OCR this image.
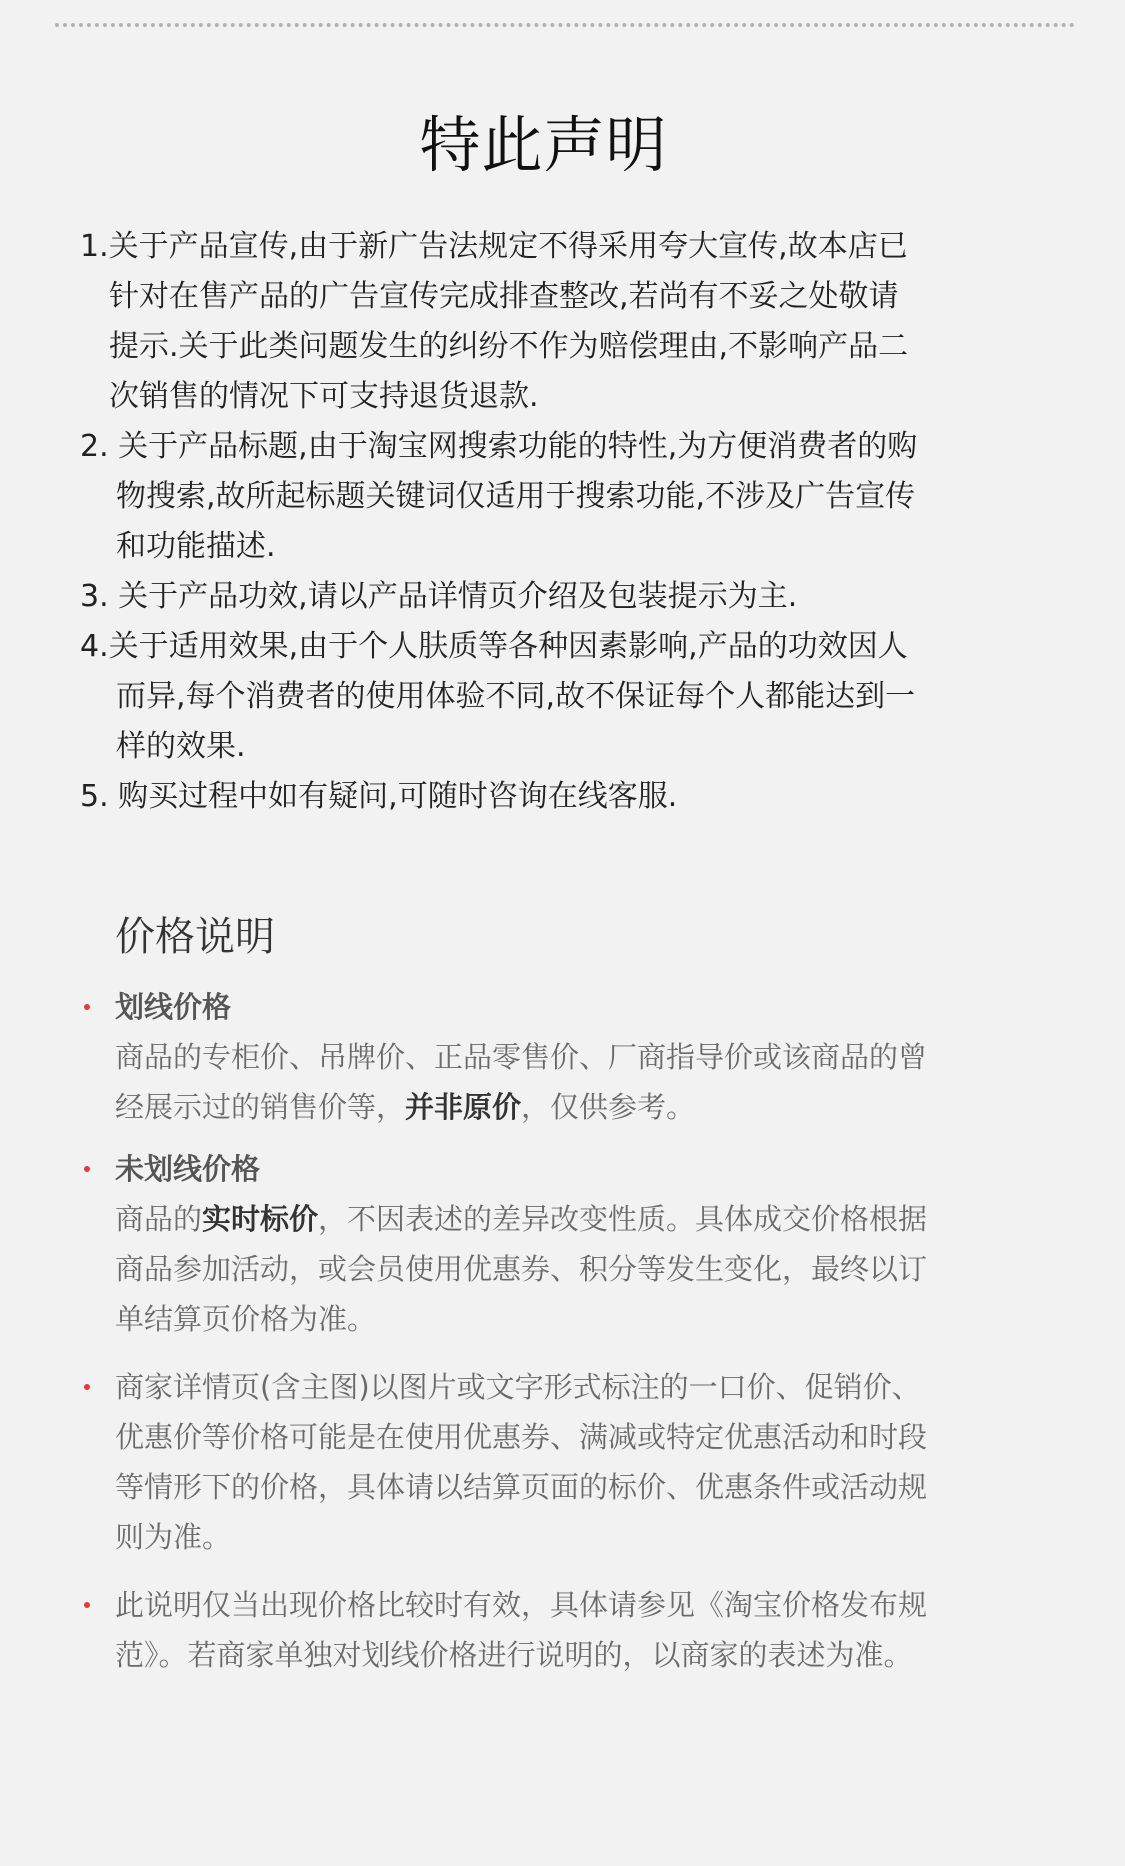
特此声明
1.关于产品宣传,由于新广告法规定不得采用夸大宣传,故本店已
针对在售产品的广告宣传完成排查整改,若尚有不妥之处敬请
提示.关于此类问题发生的纠纷不作为赔偿理由,不影响产品二
次销售的情况下可支持退货退款.
2. 关于产品标题,由于淘宝网搜索功能的特性,为方便消费者的购
物搜索,故所起标题关键词仅适用于搜索功能,不涉及广告宣传
和功能描述.
3. 关于产品功效,请以产品详情页介绍及包装提示为主.
4.关于适用效果,由于个人肤质等各种因素影响,产品的功效因人
而异,每个消费者的使用体验不同,故不保证每个人都能达到一
样的效果.
5. 购买过程中如有疑问,可随时咨询在线客服.
价格说明
划线价格
商品的专柜价、吊牌价、正品零售价、厂商指导价或该商品的曾
经展示过的销售价等，并非原价，仅供参考。
未划线价格
商品的实时标价，不因表述的差异改变性质。具体成交价格根据
商品参加活动，或会员使用优惠券、积分等发生变化，最终以订
单结算页价格为准。
商家详情页(含主图)以图片或文字形式标注的一口价、促销价、
优惠价等价格可能是在使用优惠券、满减或特定优惠活动和时段
等情形下的价格，具体请以结算页面的标价、优惠条件或活动规
则为准。
此说明仅当出现价格比较时有效，具体请参见《淘宝价格发布规
范》。若商家单独对划线价格进行说明的，以商家的表述为准。
